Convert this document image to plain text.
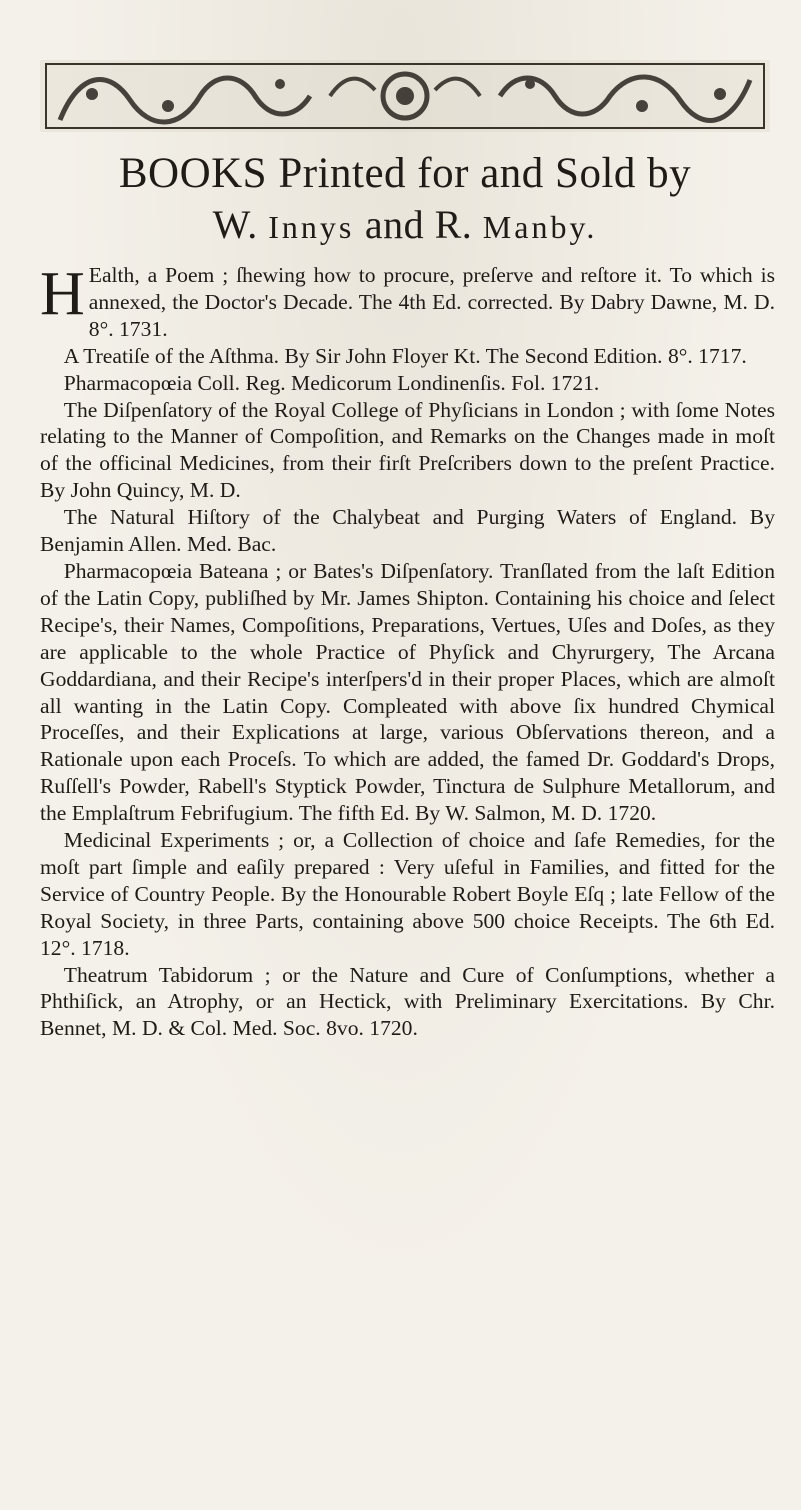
BOOKS Printed for and Sold by
W. Innys and R. Manby.

H Ealth, a Poem ; ſhewing how to procure, preſerve and reſtore it. To which is annexed, the Doctor's Decade. The 4th Ed. corrected. By Dabry Dawne, M. D. 8°. 1731.

A Treatiſe of the Aſthma. By Sir John Floyer Kt. The Second Edition. 8°. 1717.

Pharmacopœia Coll. Reg. Medicorum Londinenſis. Fol. 1721.

The Diſpenſatory of the Royal College of Phyſicians in London ; with ſome Notes relating to the Manner of Compoſition, and Remarks on the Changes made in moſt of the officinal Medicines, from their firſt Preſcribers down to the preſent Practice. By John Quincy, M. D.

The Natural Hiſtory of the Chalybeat and Purging Waters of England. By Benjamin Allen. Med. Bac.

Pharmacopœia Bateana ; or Bates's Diſpenſatory. Tranſlated from the laſt Edition of the Latin Copy, publiſhed by Mr. James Shipton. Containing his choice and ſelect Recipe's, their Names, Compoſitions, Preparations, Vertues, Uſes and Doſes, as they are applicable to the whole Practice of Phyſick and Chyrurgery, The Arcana Goddardiana, and their Recipe's interſpers'd in their proper Places, which are almoſt all wanting in the Latin Copy. Compleated with above ſix hundred Chymical Proceſſes, and their Explications at large, various Obſervations thereon, and a Rationale upon each Proceſs. To which are added, the famed Dr. Goddard's Drops, Ruſſell's Powder, Rabell's Styptick Powder, Tinctura de Sulphure Metallorum, and the Emplaſtrum Febrifugium. The fifth Ed. By W. Salmon, M. D. 1720.

Medicinal Experiments ; or, a Collection of choice and ſafe Remedies, for the moſt part ſimple and eaſily prepared : Very uſeful in Families, and fitted for the Service of Country People. By the Honourable Robert Boyle Eſq ; late Fellow of the Royal Society, in three Parts, containing above 500 choice Receipts. The 6th Ed. 12°. 1718.

Theatrum Tabidorum ; or the Nature and Cure of Conſumptions, whether a Phthiſick, an Atrophy, or an Hectick, with Preliminary Exercitations. By Chr. Bennet, M. D. & Col. Med. Soc. 8vo. 1720.
